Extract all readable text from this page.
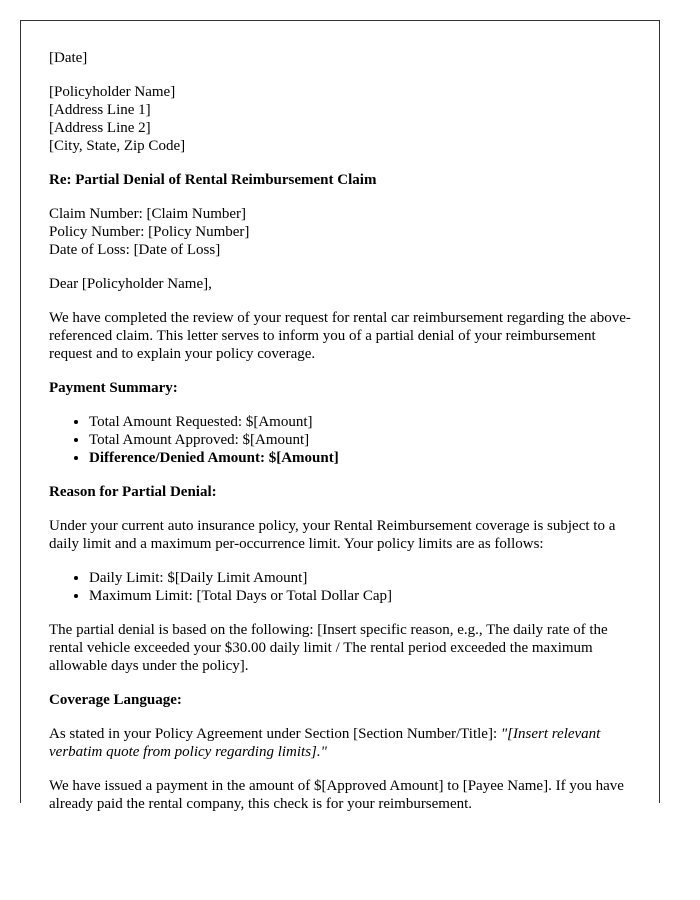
[Date]

[Policyholder Name]
[Address Line 1]
[Address Line 2]
[City, State, Zip Code]

Re: Partial Denial of Rental Reimbursement Claim

Claim Number: [Claim Number]
Policy Number: [Policy Number]
Date of Loss: [Date of Loss]

Dear [Policyholder Name],

We have completed the review of your request for rental car reimbursement regarding the above-referenced claim. This letter serves to inform you of a partial denial of your reimbursement request and to explain your policy coverage.

Payment Summary:

• Total Amount Requested: $[Amount]
• Total Amount Approved: $[Amount]
• Difference/Denied Amount: $[Amount]

Reason for Partial Denial:

Under your current auto insurance policy, your Rental Reimbursement coverage is subject to a daily limit and a maximum per-occurrence limit. Your policy limits are as follows:

• Daily Limit: $[Daily Limit Amount]
• Maximum Limit: [Total Days or Total Dollar Cap]

The partial denial is based on the following: [Insert specific reason, e.g., The daily rate of the rental vehicle exceeded your $30.00 daily limit / The rental period exceeded the maximum allowable days under the policy].

Coverage Language:

As stated in your Policy Agreement under Section [Section Number/Title]: "[Insert relevant verbatim quote from policy regarding limits]."

We have issued a payment in the amount of $[Approved Amount] to [Payee Name]. If you have already paid the rental company, this check is for your reimbursement.
